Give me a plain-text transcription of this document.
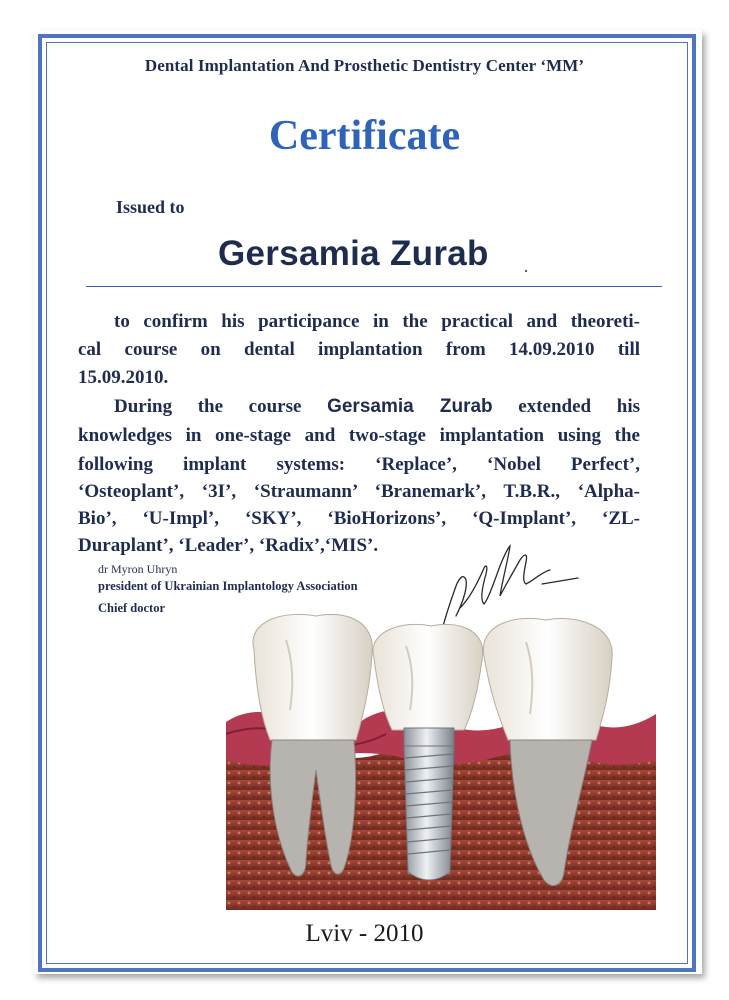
Dental Implantation And Prosthetic Dentistry Center ‘MM’
Certificate
Issued to
Gersamia Zurab
to confirm his participance in the practical and theoreti-
cal course on dental implantation from 14.09.2010 till
15.09.2010.
During the course Gersamia Zurab extended his
knowledges in one-stage and two-stage implantation using the
following implant systems: ‘Replace’, ‘Nobel Perfect’,
‘Osteoplant’, ‘3I’, ‘Straumann’ ‘Branemark’, T.B.R., ‘Alpha-
Bio’, ‘U-Impl’, ‘SKY’, ‘BioHorizons’, ‘Q-Implant’, ‘ZL-
Duraplant’, ‘Leader’, ‘Radix’,‘MIS’.
dr Myron Uhryn
president of Ukrainian Implantology Association
Chief doctor
Lviv - 2010
